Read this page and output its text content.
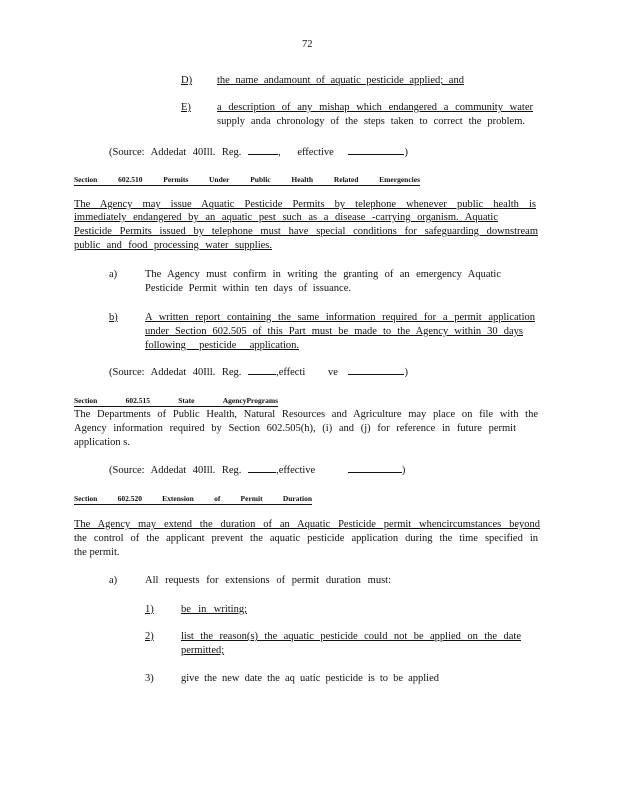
72
D) the name andamount of aquatic pesticide applied; and
E) a description of any mishap which endangered a community water
supply anda chronology of the steps taken to correct the problem.
(Source: Addedat 40Ill. Reg.	, effective	)
Section	602.510	Permits	Under	Public	Health	Related	Emergencies
The Agency may issue Aquatic Pesticide Permits by telephone whenever public health is
immediately endangered by an aquatic pest such as a disease -carrying organism. Aquatic
Pesticide Permits issued by telephone must have special conditions for safeguarding downstream
public and food processing water supplies.
a)	The Agency must confirm in writing the granting of an emergency Aquatic
Pesticide Permit within ten days of issuance.
b)	A written report containing the same information required for a permit application
under Section 602.505 of this Part must be made to the Agency within 30 days
following pesticide application.
(Source: Addedat 40Ill. Reg.	,effecti ve	)
Section	602.515	State	AgencyPrograms
The Departments of Public Health, Natural Resources and Agriculture may place on file with the
Agency information required by Section 602.505(h), (i) and (j) for reference in future permit
application s.
(Source: Addedat 40Ill. Reg.	,effective	)
Section	602.520	Extension	of	Permit	Duration
The Agency may extend the duration of an Aquatic Pesticide permit whencircumstances beyond
the control of the applicant prevent the aquatic pesticide application during the time specified in
the permit.
a)	All requests for extensions of permit duration must:
1)	be in writing;
2)	list the reason(s) the aquatic pesticide could not be applied on the date
permitted;
3)	give the new date the aq uatic pesticide is to be applied
